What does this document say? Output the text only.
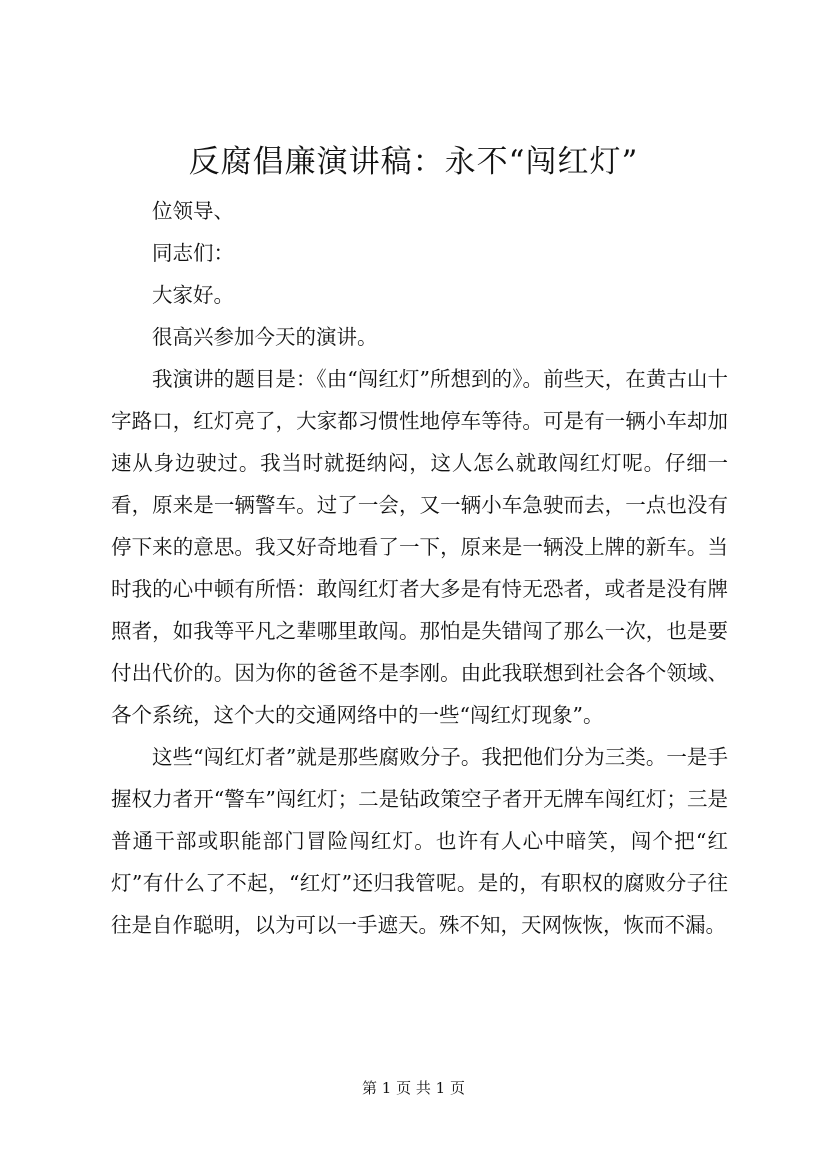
反腐倡廉演讲稿：永不“闯红灯”

位领导、

同志们：

大家好。

很高兴参加今天的演讲。

我演讲的题目是：《由“闯红灯”所想到的》。前些天，在黄古山十字路口，红灯亮了，大家都习惯性地停车等待。可是有一辆小车却加速从身边驶过。我当时就挺纳闷，这人怎么就敢闯红灯呢。仔细一看，原来是一辆警车。过了一会，又一辆小车急驶而去，一点也没有停下来的意思。我又好奇地看了一下，原来是一辆没上牌的新车。当时我的心中顿有所悟：敢闯红灯者大多是有恃无恐者，或者是没有牌照者，如我等平凡之辈哪里敢闯。那怕是失错闯了那么一次，也是要付出代价的。因为你的爸爸不是李刚。由此我联想到社会各个领域、各个系统，这个大的交通网络中的一些“闯红灯现象”。

这些“闯红灯者”就是那些腐败分子。我把他们分为三类。一是手握权力者开“警车”闯红灯；二是钻政策空子者开无牌车闯红灯；三是普通干部或职能部门冒险闯红灯。也许有人心中暗笑，闯个把“红灯”有什么了不起，“红灯”还归我管呢。是的，有职权的腐败分子往往是自作聪明，以为可以一手遮天。殊不知，天网恢恢，恢而不漏。

第 1 页 共 1 页
